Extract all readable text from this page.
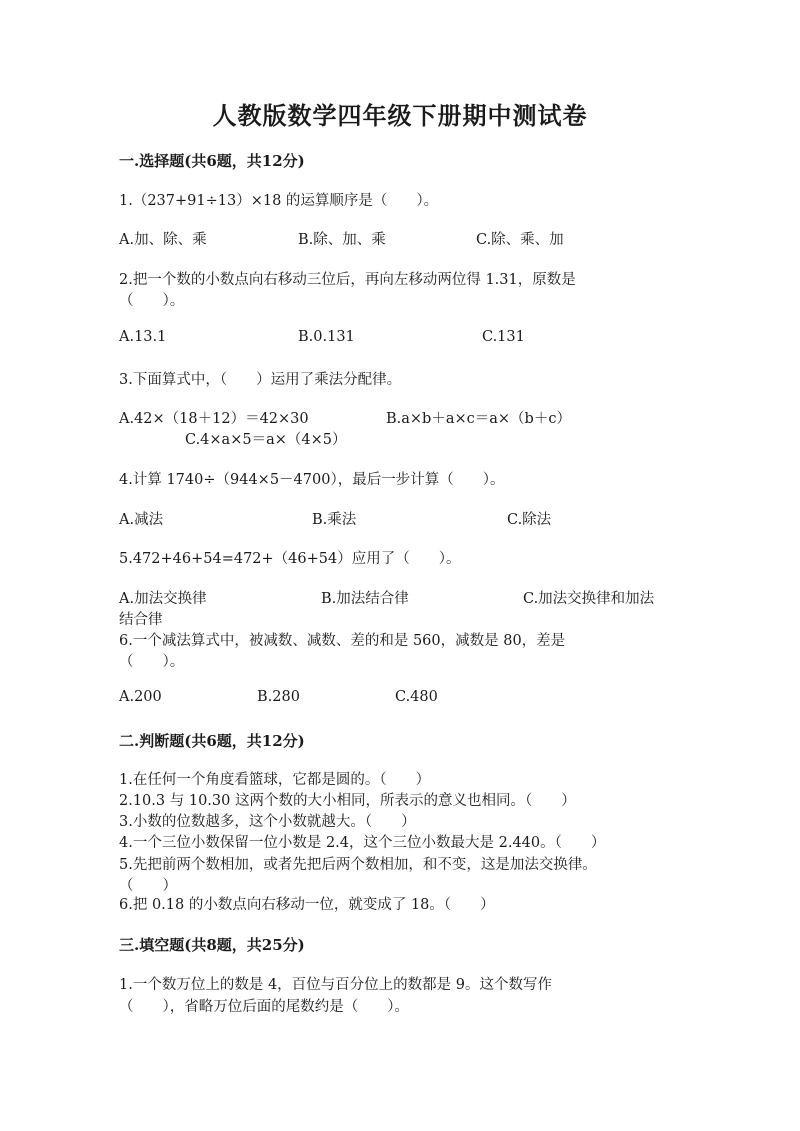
人教版数学四年级下册期中测试卷
一.选择题(共6题，共12分)
1.（237+91÷13）×18 的运算顺序是（　　）。
A.加、除、乘	B.除、加、乘	C.除、乘、加
2.把一个数的小数点向右移动三位后，再向左移动两位得 1.31，原数是
（　　）。
A.13.1	B.0.131	C.131
3.下面算式中，（　　）运用了乘法分配律。
A.42×（18＋12）＝42×30	B.a×b＋a×c＝a×（b＋c）
C.4×a×5＝a×（4×5）
4.计算 1740÷（944×5－4700），最后一步计算（　　）。
A.减法	B.乘法	C.除法
5.472+46+54=472+（46+54）应用了（　　）。
A.加法交换律	B.加法结合律	C.加法交换律和加法
结合律
6.一个减法算式中，被减数、减数、差的和是 560，减数是 80，差是
（　　）。
A.200	B.280	C.480
二.判断题(共6题，共12分)
1.在任何一个角度看篮球，它都是圆的。（　　）
2.10.3 与 10.30 这两个数的大小相同，所表示的意义也相同。（　　）
3.小数的位数越多，这个小数就越大。（　　）
4.一个三位小数保留一位小数是 2.4，这个三位小数最大是 2.440。（　　）
5.先把前两个数相加，或者先把后两个数相加，和不变，这是加法交换律。
（　　）
6.把 0.18 的小数点向右移动一位，就变成了 18。（　　）
三.填空题(共8题，共25分)
1.一个数万位上的数是 4，百位与百分位上的数都是 9。这个数写作
（　　），省略万位后面的尾数约是（　　）。
